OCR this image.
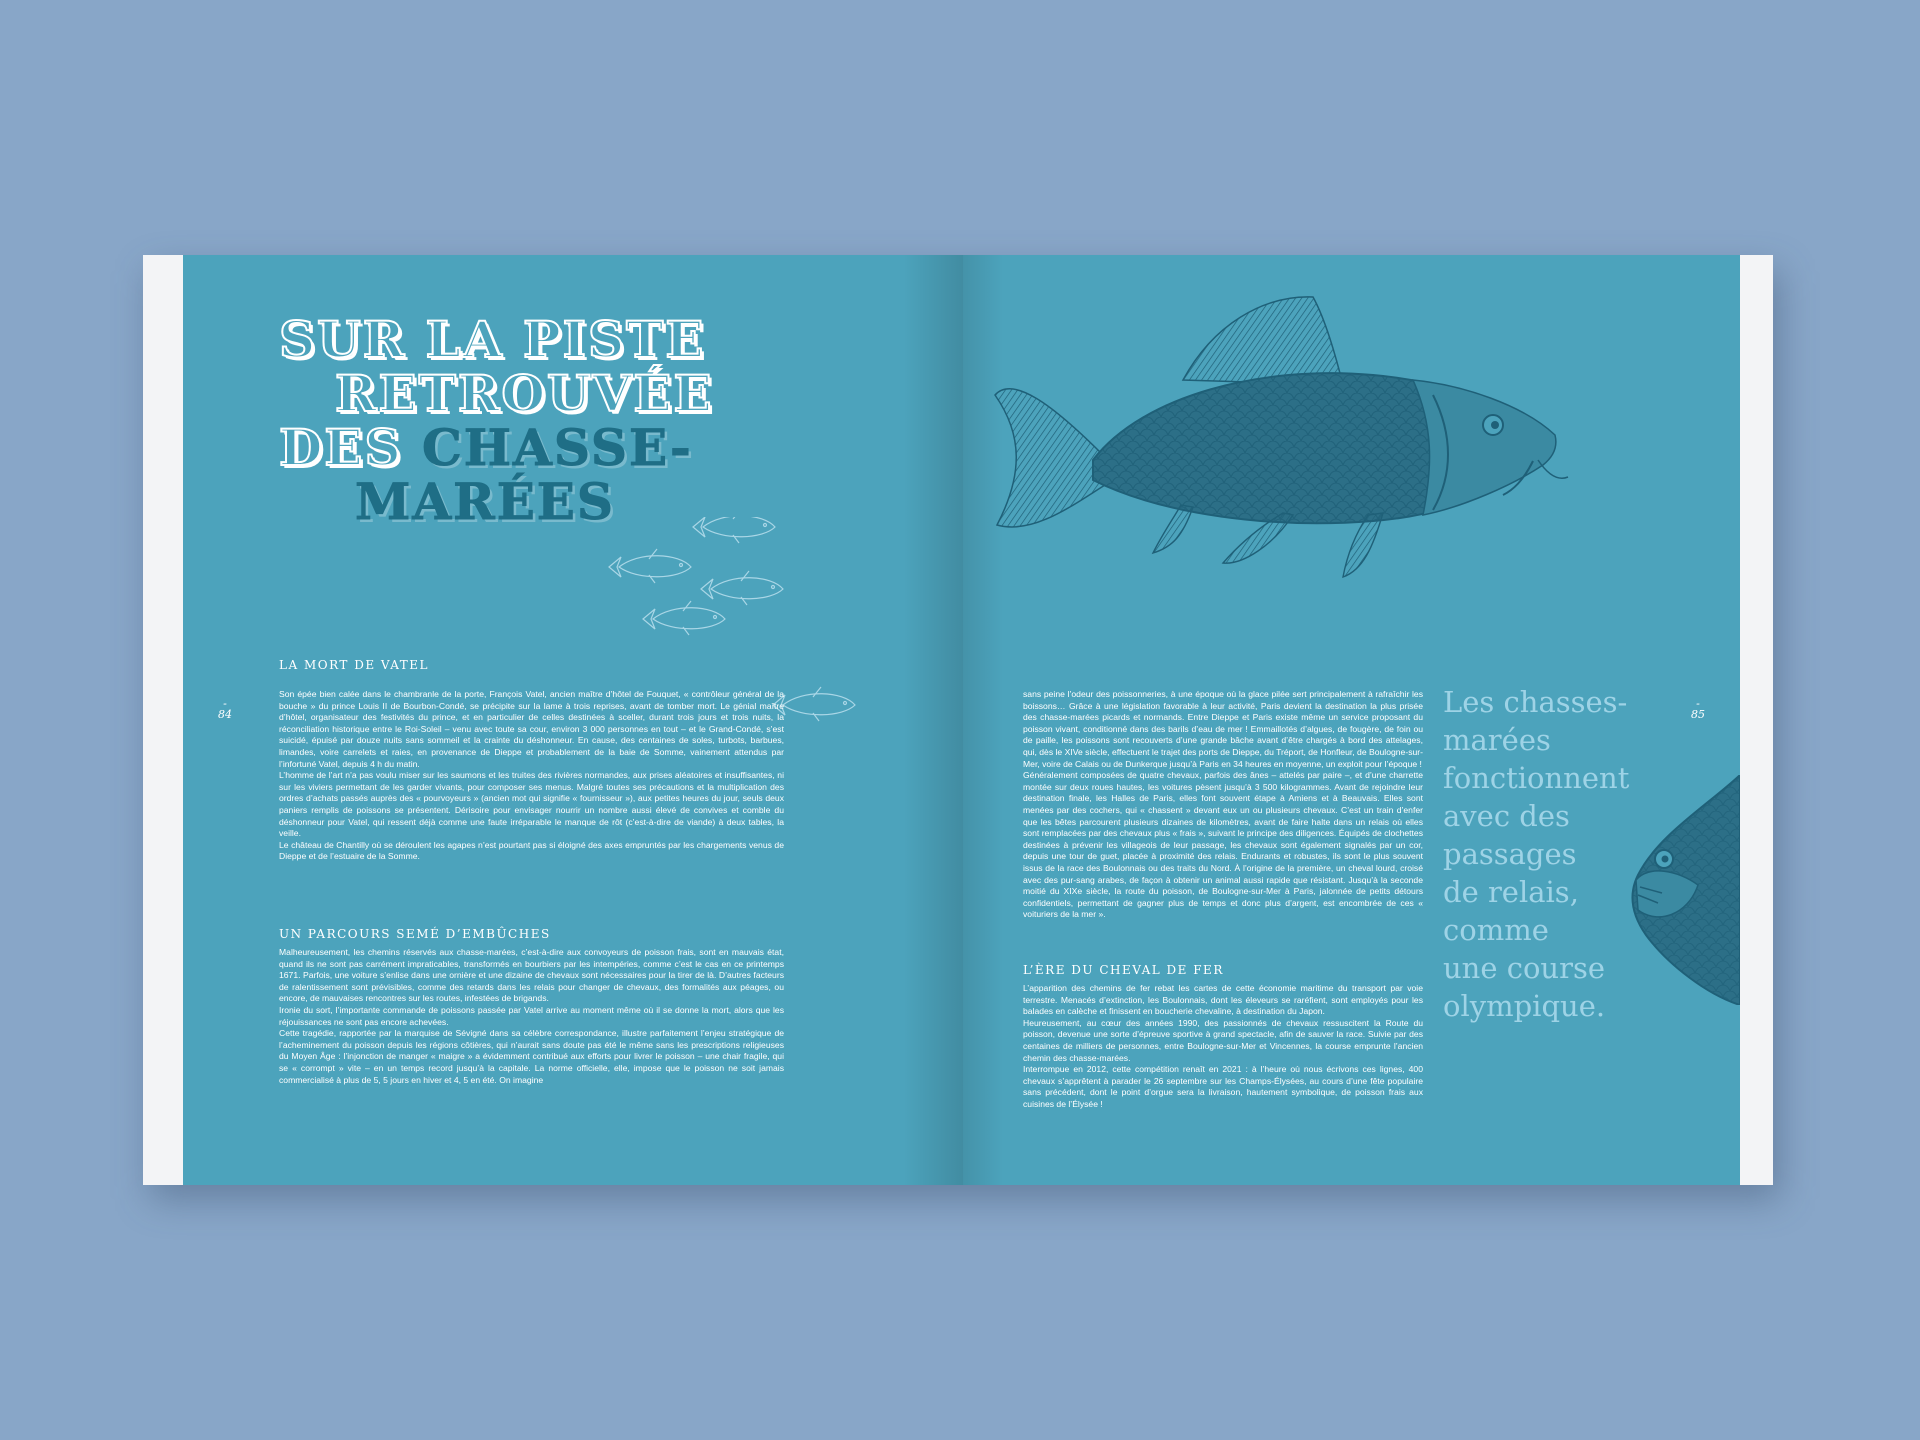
SUR LA PISTE
RETROUVÉE
DES CHASSE-
MARÉES
LA MORT DE VATEL
-
84

Son épée bien calée dans le chambranle de la porte, François Vatel, ancien maître d’hôtel de Fouquet, « contrôleur général de la bouche » du prince Louis II de Bourbon-Condé, se précipite sur la lame à trois reprises, avant de tomber mort. Le génial maître d’hôtel, organisateur des festivités du prince, et en particulier de celles destinées à sceller, durant trois jours et trois nuits, la réconciliation historique entre le Roi-Soleil – venu avec toute sa cour, environ 3 000 personnes en tout – et le Grand-Condé, s’est suicidé, épuisé par douze nuits sans sommeil et la crainte du déshonneur. En cause, des centaines de soles, turbots, barbues, limandes, voire carrelets et raies, en provenance de Dieppe et probablement de la baie de Somme, vainement attendus par l’infortuné Vatel, depuis 4 h du matin.

L’homme de l’art n’a pas voulu miser sur les saumons et les truites des rivières normandes, aux prises aléatoires et insuffisantes, ni sur les viviers permettant de les garder vivants, pour composer ses menus. Malgré toutes ses précautions et la multiplication des ordres d’achats passés auprès des « pourvoyeurs » (ancien mot qui signifie « fournisseur »), aux petites heures du jour, seuls deux paniers remplis de poissons se présentent. Dérisoire pour envisager nourrir un nombre aussi élevé de convives et comble du déshonneur pour Vatel, qui ressent déjà comme une faute irréparable le manque de rôt (c’est-à-dire de viande) à deux tables, la veille.

Le château de Chantilly où se déroulent les agapes n’est pourtant pas si éloigné des axes empruntés par les chargements venus de Dieppe et de l’estuaire de la Somme.

UN PARCOURS SEMÉ D’EMBÛCHES

Malheureusement, les chemins réservés aux chasse-marées, c’est-à-dire aux convoyeurs de poisson frais, sont en mauvais état, quand ils ne sont pas carrément impraticables, transformés en bourbiers par les intempéries, comme c’est le cas en ce printemps 1671. Parfois, une voiture s’enlise dans une ornière et une dizaine de chevaux sont nécessaires pour la tirer de là. D’autres facteurs de ralentissement sont prévisibles, comme des retards dans les relais pour changer de chevaux, des formalités aux péages, ou encore, de mauvaises rencontres sur les routes, infestées de brigands.

Ironie du sort, l’importante commande de poissons passée par Vatel arrive au moment même où il se donne la mort, alors que les réjouissances ne sont pas encore achevées.

Cette tragédie, rapportée par la marquise de Sévigné dans sa célèbre correspondance, illustre parfaitement l’enjeu stratégique de l’acheminement du poisson depuis les régions côtières, qui n’aurait sans doute pas été le même sans les prescriptions religieuses du Moyen Âge : l’injonction de manger « maigre » a évidemment contribué aux efforts pour livrer le poisson – une chair fragile, qui se « corrompt » vite – en un temps record jusqu’à la capitale. La norme officielle, elle, impose que le poisson ne soit jamais commercialisé à plus de 5, 5 jours en hiver et 4, 5 en été. On imagine

-
85

sans peine l’odeur des poissonneries, à une époque où la glace pilée sert principalement à rafraîchir les boissons… Grâce à une législation favorable à leur activité, Paris devient la destination la plus prisée des chasse-marées picards et normands. Entre Dieppe et Paris existe même un service proposant du poisson vivant, conditionné dans des barils d’eau de mer ! Emmaillotés d’algues, de fougère, de foin ou de paille, les poissons sont recouverts d’une grande bâche avant d’être chargés à bord des attelages, qui, dès le XIVe siècle, effectuent le trajet des ports de Dieppe, du Tréport, de Honfleur, de Boulogne-sur-Mer, voire de Calais ou de Dunkerque jusqu’à Paris en 34 heures en moyenne, un exploit pour l’époque !

Généralement composées de quatre chevaux, parfois des ânes – attelés par paire –, et d’une charrette montée sur deux roues hautes, les voitures pèsent jusqu’à 3 500 kilogrammes. Avant de rejoindre leur destination finale, les Halles de Paris, elles font souvent étape à Amiens et à Beauvais. Elles sont menées par des cochers, qui « chassent » devant eux un ou plusieurs chevaux. C’est un train d’enfer que les bêtes parcourent plusieurs dizaines de kilomètres, avant de faire halte dans un relais où elles sont remplacées par des chevaux plus « frais », suivant le principe des diligences. Équipés de clochettes destinées à prévenir les villageois de leur passage, les chevaux sont également signalés par un cor, depuis une tour de guet, placée à proximité des relais. Endurants et robustes, ils sont le plus souvent issus de la race des Boulonnais ou des traits du Nord. À l’origine de la première, un cheval lourd, croisé avec des pur-sang arabes, de façon à obtenir un animal aussi rapide que résistant. Jusqu’à la seconde moitié du XIXe siècle, la route du poisson, de Boulogne-sur-Mer à Paris, jalonnée de petits détours confidentiels, permettant de gagner plus de temps et donc plus d’argent, est encombrée de ces « voituriers de la mer ».

L’ÈRE DU CHEVAL DE FER

L’apparition des chemins de fer rebat les cartes de cette économie maritime du transport par voie terrestre. Menacés d’extinction, les Boulonnais, dont les éleveurs se raréfient, sont employés pour les balades en calèche et finissent en boucherie chevaline, à destination du Japon.

Heureusement, au cœur des années 1990, des passionnés de chevaux ressuscitent la Route du poisson, devenue une sorte d’épreuve sportive à grand spectacle, afin de sauver la race. Suivie par des centaines de milliers de personnes, entre Boulogne-sur-Mer et Vincennes, la course emprunte l’ancien chemin des chasse-marées.

Interrompue en 2012, cette compétition renaît en 2021 : à l’heure où nous écrivons ces lignes, 400 chevaux s’apprêtent à parader le 26 septembre sur les Champs-Élysées, au cours d’une fête populaire sans précédent, dont le point d’orgue sera la livraison, hautement symbolique, de poisson frais aux cuisines de l’Élysée !

Les chasses-
marées
fonctionnent
avec des
passages
de relais,
comme
une course
olympique.
